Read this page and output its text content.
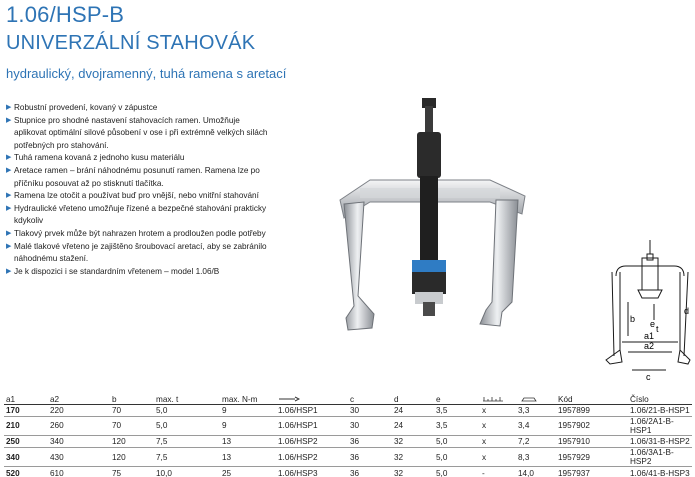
1.06/HSP-B
UNIVERZÁLNÍ STAHOVÁK
hydraulický, dvojramenný, tuhá ramena s aretací
▶ Robustní provedení, kovaný v zápustce
▶ Stupnice pro shodné nastavení stahovacích ramen. Umožňuje aplikovat optimální silové působení v ose i při extrémně velkých silách potřebných pro stahování.
▶ Tuhá ramena kovaná z jednoho kusu materiálu
▶ Aretace ramen – brání náhodnému posunutí ramen. Ramena lze po příčníku posouvat až po stisknutí tlačítka.
▶ Ramena lze otočit a používat buď pro vnější, nebo vnitřní stahování
▶ Hydraulické vřeteno umožňuje řízené a bezpečné stahování prakticky kdykoliv
▶ Tlakový prvek může být nahrazen hrotem a prodloužen podle potřeby
▶ Malé tlakové vřeteno je zajištěno šroubovací aretací, aby se zabránilo náhodnému stažení.
▶ Je k dispozici i se standardním vřetenem – model 1.06/B
b
d
e t
a1
a2
c
a1	a2	b	max. t	max. N-m		c	d	e			Kód	Číslo
170	220	70	5,0	9	1.06/HSP1	30	24	3,5	x	3,3	1957899	1.06/21-B-HSP1
210	260	70	5,0	9	1.06/HSP1	30	24	3,5	x	3,4	1957902	1.06/2A1-B-HSP1
250	340	120	7,5	13	1.06/HSP2	36	32	5,0	x	7,2	1957910	1.06/31-B-HSP2
340	430	120	7,5	13	1.06/HSP2	36	32	5,0	x	8,3	1957929	1.06/3A1-B-HSP2
520	610	75	10,0	25	1.06/HSP3	36	32	5,0	-	14,0	1957937	1.06/41-B-HSP3
